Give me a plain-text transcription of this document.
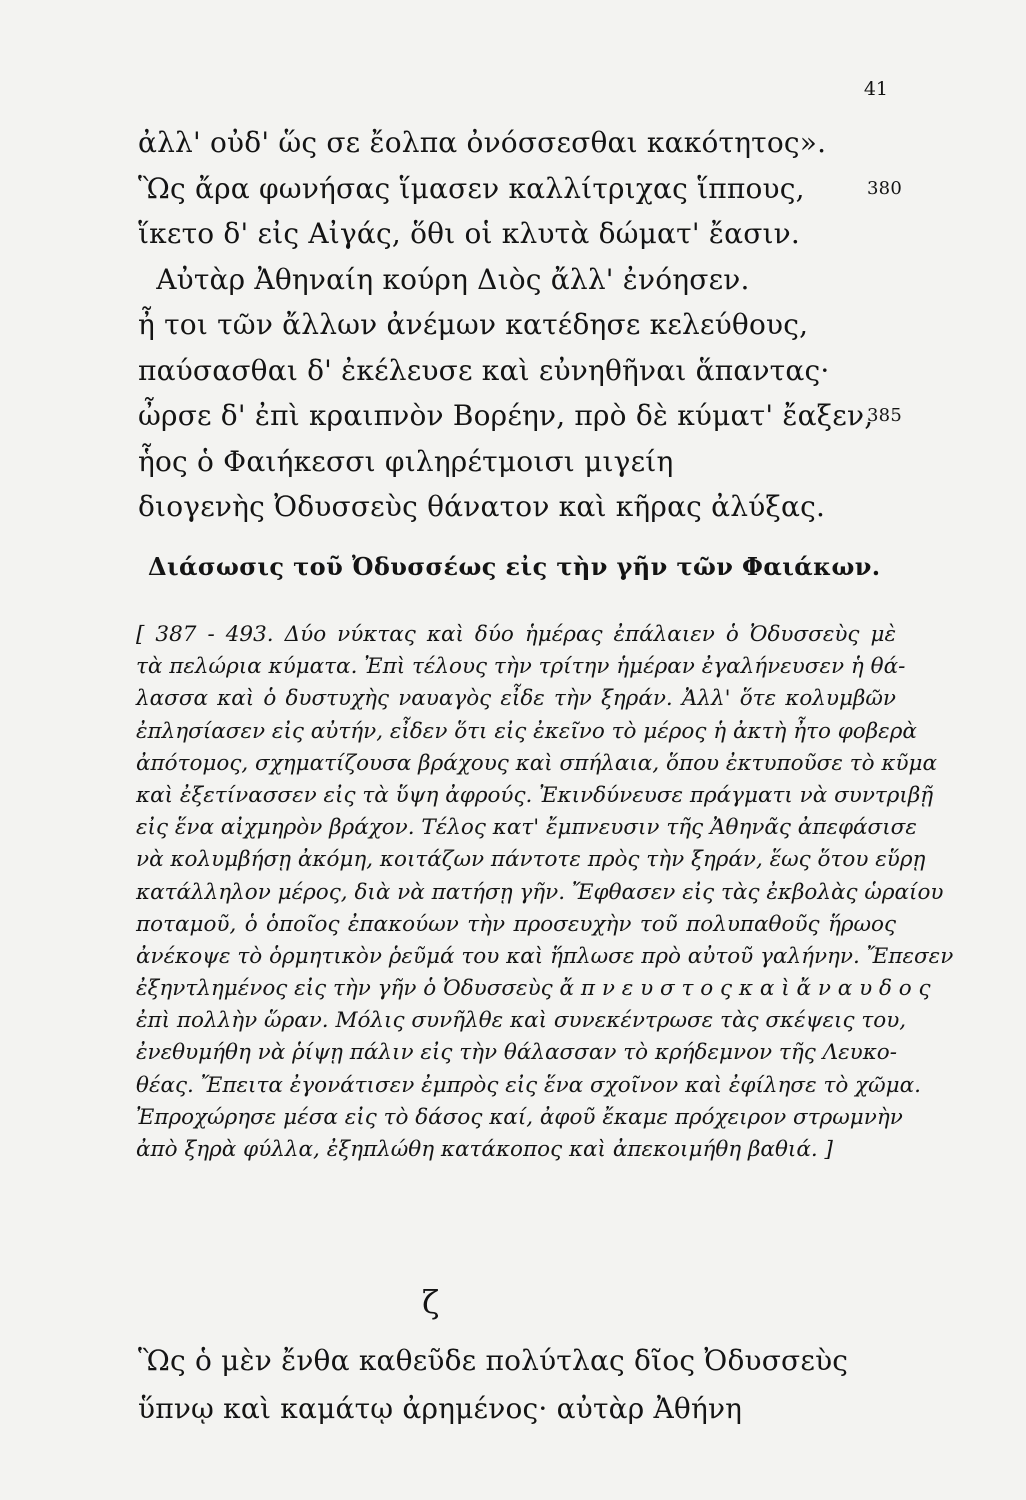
41
ἀλλ' οὐδ' ὥς σε ἔολπα ὀνόσσεσθαι κακότητος».
Ὣς ἄρα φωνήσας ἵμασεν καλλίτριχας ἵππους,	380
ἵκετο δ' εἰς Αἰγάς, ὅθι οἱ κλυτὰ δώματ' ἔασιν.
Αὐτὰρ Ἀθηναίη κούρη Διὸς ἄλλ' ἐνόησεν.
ἦ τοι τῶν ἄλλων ἀνέμων κατέδησε κελεύθους,
παύσασθαι δ' ἐκέλευσε καὶ εὐνηθῆναι ἅπαντας·
ὦρσε δ' ἐπὶ κραιπνὸν Βορέην, πρὸ δὲ κύματ' ἔαξεν,
385
ἧος ὁ Φαιήκεσσι φιληρέτμοισι μιγείη
διογενὴς Ὀδυσσεὺς θάνατον καὶ κῆρας ἀλύξας.
Διάσωσις τοῦ Ὀδυσσέως εἰς τὴν γῆν τῶν Φαιάκων.
[ 387 - 493. Δύο νύκτας καὶ δύο ἡμέρας ἐπάλαιεν ὁ Ὀδυσσεὺς μὲ
τὰ πελώρια κύματα. Ἐπὶ τέλους τὴν τρίτην ἡμέραν ἐγαλήνευσεν ἡ θά-
λασσα καὶ ὁ δυστυχὴς ναυαγὸς εἶδε τὴν ξηράν. Ἀλλ' ὅτε κολυμβῶν
ἐπλησίασεν εἰς αὐτήν, εἶδεν ὅτι εἰς ἐκεῖνο τὸ μέρος ἡ ἀκτὴ ἦτο φοβερὰ
ἀπότομος, σχηματίζουσα βράχους καὶ σπήλαια, ὅπου ἐκτυποῦσε τὸ κῦμα
καὶ ἐξετίνασσεν εἰς τὰ ὕψη ἀφρούς. Ἐκινδύνευσε πράγματι νὰ συντριβῇ
εἰς ἕνα αἰχμηρὸν βράχον. Τέλος κατ' ἔμπνευσιν τῆς Ἀθηνᾶς ἀπεφάσισε
νὰ κολυμβήσῃ ἀκόμη, κοιτάζων πάντοτε πρὸς τὴν ξηράν, ἕως ὅτου εὕρῃ
κατάλληλον μέρος, διὰ νὰ πατήσῃ γῆν. Ἔφθασεν εἰς τὰς ἐκβολὰς ὡραίου
ποταμοῦ, ὁ ὁποῖος ἐπακούων τὴν προσευχὴν τοῦ πολυπαθοῦς ἥρωος
ἀνέκοψε τὸ ὁρμητικὸν ῥεῦμά του καὶ ἥπλωσε πρὸ αὐτοῦ γαλήνην. Ἔπεσεν
ἐξηντλημένος εἰς τὴν γῆν ὁ Ὀδυσσεὺς ἄ π ν ε υ σ τ ο ς κ α ὶ ἄ ν α υ δ ο ς
ἐπὶ πολλὴν ὥραν. Μόλις συνῆλθε καὶ συνεκέντρωσε τὰς σκέψεις του,
ἐνεθυμήθη νὰ ῥίψῃ πάλιν εἰς τὴν θάλασσαν τὸ κρήδεμνον τῆς Λευκο-
θέας. Ἔπειτα ἐγονάτισεν ἐμπρὸς εἰς ἕνα σχοῖνον καὶ ἐφίλησε τὸ χῶμα.
Ἐπροχώρησε μέσα εἰς τὸ δάσος καί, ἀφοῦ ἔκαμε πρόχειρον στρωμνὴν
ἀπὸ ξηρὰ φύλλα, ἐξηπλώθη κατάκοπος καὶ ἀπεκοιμήθη βαθιά. ]
ζ
Ὣς ὁ μὲν ἔνθα καθεῦδε πολύτλας δῖος Ὀδυσσεὺς
ὕπνῳ καὶ καμάτῳ ἀρημένος· αὐτὰρ Ἀθήνη
